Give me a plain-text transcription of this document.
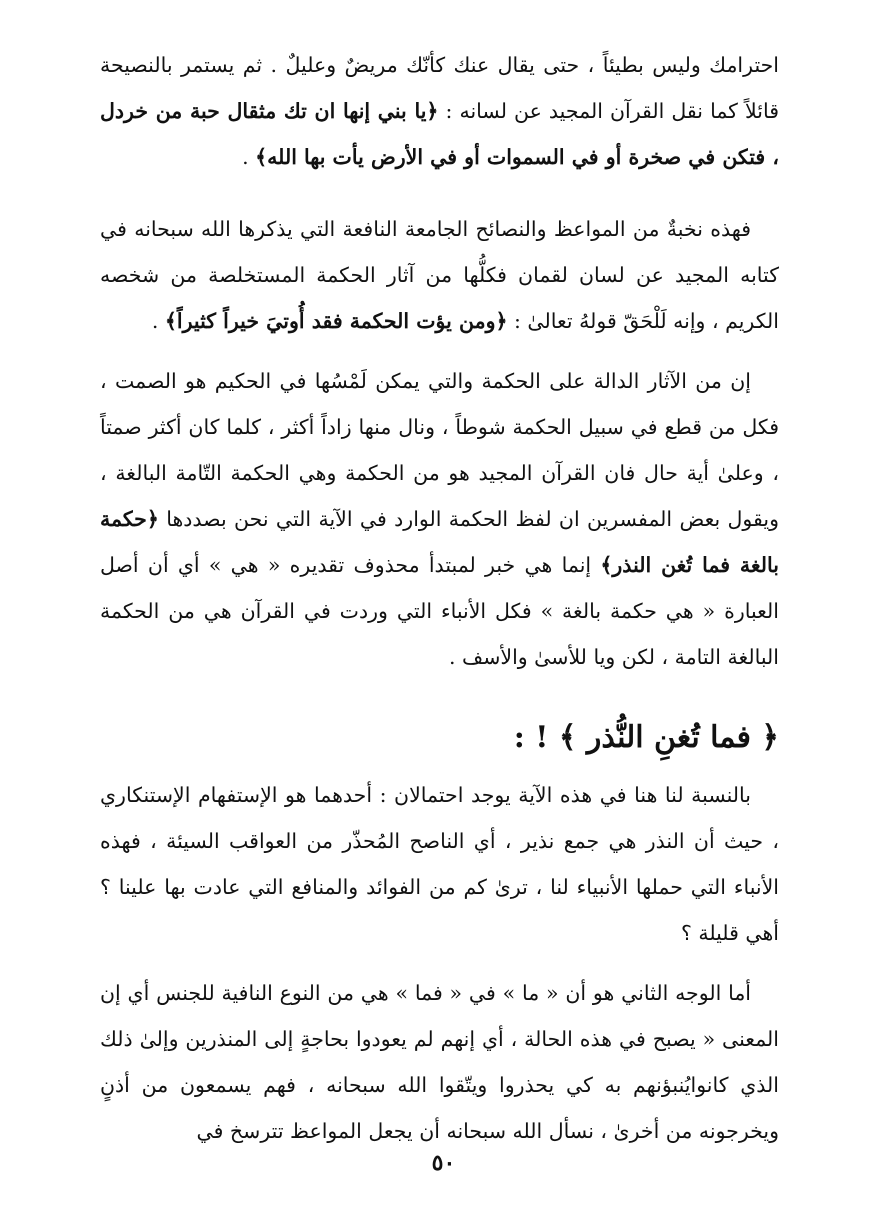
احترامك وليس بطيئاً ، حتى يقال عنك كأنّك مريضٌ وعليلٌ . ثم يستمر بالنصيحة قائلاً كما نقل القرآن المجيد عن لسانه : ﴿يا بني إنها ان تك مثقال حبة من خردل ، فتكن في صخرة أو في السموات أو في الأرض يأت بها الله﴾ .

فهذه نخبةٌ من المواعظ والنصائح الجامعة النافعة التي يذكرها الله سبحانه في كتابه المجيد عن لسان لقمان فكلُّها من آثار الحكمة المستخلصة من شخصه الكريم ، وإنه لَلْحَقّ قولهُ تعالىٰ : ﴿ومن يؤت الحكمة فقد أُوتيَ خيراً كثيراً﴾ .

إن من الآثار الدالة على الحكمة والتي يمكن لَمْسُها في الحكيم هو الصمت ، فكل من قطع في سبيل الحكمة شوطاً ، ونال منها زاداً أكثر ، كلما كان أكثر صمتاً ، وعلىٰ أية حال فان القرآن المجيد هو من الحكمة وهي الحكمة التّامة البالغة ، ويقول بعض المفسرين ان لفظ الحكمة الوارد في الآية التي نحن بصددها ﴿حكمة بالغة فما تُغن النذر﴾ إنما هي خبر لمبتدأ محذوف تقديره « هي » أي أن أصل العبارة « هي حكمة بالغة » فكل الأنباء التي وردت في القرآن هي من الحكمة البالغة التامة ، لكن ويا للأسىٰ والأسف .

﴿ فما تُغنِ النُّذر ﴾ ! :

بالنسبة لنا هنا في هذه الآية يوجد احتمالان : أحدهما هو الإستفهام الإستنكاري ، حيث أن النذر هي جمع نذير ، أي الناصح المُحذّر من العواقب السيئة ، فهذه الأنباء التي حملها الأنبياء لنا ، ترىٰ كم من الفوائد والمنافع التي عادت بها علينا ؟ أهي قليلة ؟

أما الوجه الثاني هو أن « ما » في « فما » هي من النوع النافية للجنس أي إن المعنى « يصبح في هذه الحالة ، أي إنهم لم يعودوا بحاجةٍ إلى المنذرين وإلىٰ ذلك الذي كانوايُنبؤنهم به كي يحذروا ويتّقوا الله سبحانه ، فهم يسمعون من أذنٍ ويخرجونه من أخرىٰ ، نسأل الله سبحانه أن يجعل المواعظ تترسخ في

٥٠
